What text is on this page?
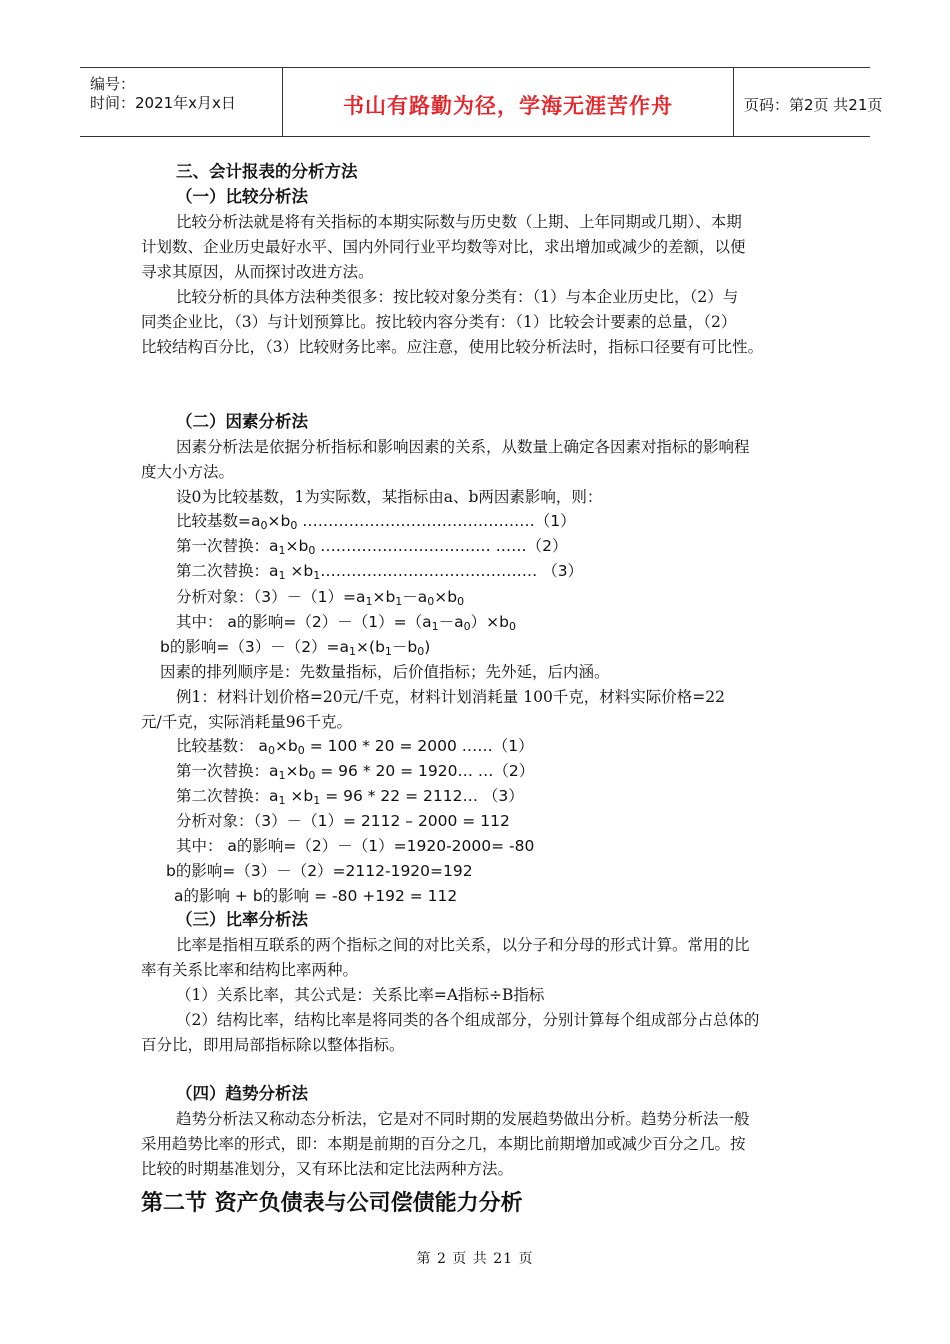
编号：
时间：2021年x月x日	书山有路勤为径，学海无涯苦作舟	页码：第2页 共21页
三、会计报表的分析方法
（一）比较分析法
比较分析法就是将有关指标的本期实际数与历史数（上期、上年同期或几期）、本期
计划数、企业历史最好水平、国内外同行业平均数等对比，求出增加或减少的差额，以便
寻求其原因，从而探讨改进方法。
比较分析的具体方法种类很多：按比较对象分类有：（1）与本企业历史比，（2）与
同类企业比，（3）与计划预算比。按比较内容分类有：（1）比较会计要素的总量，（2）
比较结构百分比，（3）比较财务比率。应注意，使用比较分析法时，指标口径要有可比性。
（二）因素分析法
因素分析法是依据分析指标和影响因素的关系，从数量上确定各因素对指标的影响程
度大小方法。
设0为比较基数，1为实际数，某指标由a、b两因素影响，则：
比较基数=a0×b0 ………………………………………（1）
第一次替换：a1×b0 …………………………… ……（2）
第二次替换：a1 ×b1…………………………………… （3）
分析对象：（3）－（1）=a1×b1－a0×b0
其中： a的影响=（2）－（1）=（a1－a0）×b0
b的影响=（3）－（2）=a1×(b1－b0)
因素的排列顺序是：先数量指标，后价值指标；先外延，后内涵。
例1：材料计划价格=20元/千克，材料计划消耗量 100千克，材料实际价格=22
元/千克，实际消耗量96千克。
比较基数： a0×b0 = 100 * 20 = 2000 ……（1）
第一次替换：a1×b0 = 96 * 20 = 1920… …（2）
第二次替换：a1 ×b1 = 96 * 22 = 2112… （3）
分析对象：（3）－（1）= 2112 – 2000 = 112
其中： a的影响=（2）－（1）=1920-2000= -80
b的影响=（3）－（2）=2112-1920=192
a的影响 + b的影响 = -80 +192 = 112
（三）比率分析法
比率是指相互联系的两个指标之间的对比关系，以分子和分母的形式计算。常用的比
率有关系比率和结构比率两种。
（1）关系比率，其公式是：关系比率=A指标÷B指标
（2）结构比率，结构比率是将同类的各个组成部分，分别计算每个组成部分占总体的
百分比，即用局部指标除以整体指标。
（四）趋势分析法
趋势分析法又称动态分析法，它是对不同时期的发展趋势做出分析。趋势分析法一般
采用趋势比率的形式，即：本期是前期的百分之几，本期比前期增加或减少百分之几。按
比较的时期基准划分，又有环比法和定比法两种方法。
第二节 资产负债表与公司偿债能力分析
第 2 页 共 21 页
